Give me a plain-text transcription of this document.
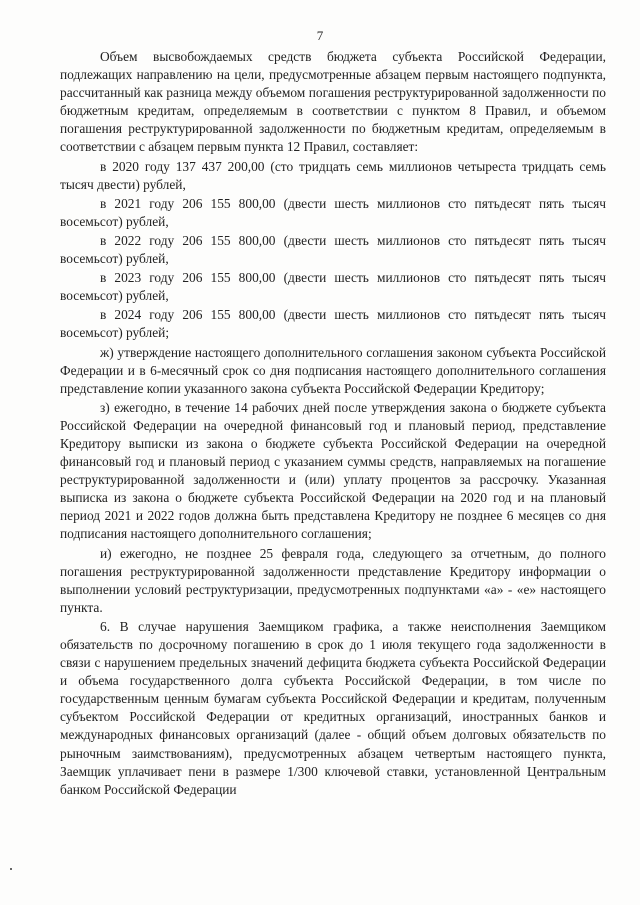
7

Объем высвобождаемых средств бюджета субъекта Российской Федерации, подлежащих направлению на цели, предусмотренные абзацем первым настоящего подпункта, рассчитанный как разница между объемом погашения реструктурированной задолженности по бюджетным кредитам, определяемым в соответствии с пунктом 8 Правил, и объемом погашения реструктурированной задолженности по бюджетным кредитам, определяемым в соответствии с абзацем первым пункта 12 Правил, составляет:

в 2020 году 137 437 200,00 (сто тридцать семь миллионов четыреста тридцать семь тысяч двести) рублей,

в 2021 году 206 155 800,00 (двести шесть миллионов сто пятьдесят пять тысяч восемьсот) рублей,

в 2022 году 206 155 800,00 (двести шесть миллионов сто пятьдесят пять тысяч восемьсот) рублей,

в 2023 году 206 155 800,00 (двести шесть миллионов сто пятьдесят пять тысяч восемьсот) рублей,

в 2024 году 206 155 800,00 (двести шесть миллионов сто пятьдесят пять тысяч восемьсот) рублей;

ж) утверждение настоящего дополнительного соглашения законом субъекта Российской Федерации и в 6-месячный срок со дня подписания настоящего дополнительного соглашения представление копии указанного закона субъекта Российской Федерации Кредитору;

з) ежегодно, в течение 14 рабочих дней после утверждения закона о бюджете субъекта Российской Федерации на очередной финансовый год и плановый период, представление Кредитору выписки из закона о бюджете субъекта Российской Федерации на очередной финансовый год и плановый период с указанием суммы средств, направляемых на погашение реструктурированной задолженности и (или) уплату процентов за рассрочку. Указанная выписка из закона о бюджете субъекта Российской Федерации на 2020 год и на плановый период 2021 и 2022 годов должна быть представлена Кредитору не позднее 6 месяцев со дня подписания настоящего дополнительного соглашения;

и) ежегодно, не позднее 25 февраля года, следующего за отчетным, до полного погашения реструктурированной задолженности представление Кредитору информации о выполнении условий реструктуризации, предусмотренных подпунктами «а» - «е» настоящего пункта.

6. В случае нарушения Заемщиком графика, а также неисполнения Заемщиком обязательств по досрочному погашению в срок до 1 июля текущего года задолженности в связи с нарушением предельных значений дефицита бюджета субъекта Российской Федерации и объема государственного долга субъекта Российской Федерации, в том числе по государственным ценным бумагам субъекта Российской Федерации и кредитам, полученным субъектом Российской Федерации от кредитных организаций, иностранных банков и международных финансовых организаций (далее - общий объем долговых обязательств по рыночным заимствованиям), предусмотренных абзацем четвертым настоящего пункта, Заемщик уплачивает пени в размере 1/300 ключевой ставки, установленной Центральным банком Российской Федерации
